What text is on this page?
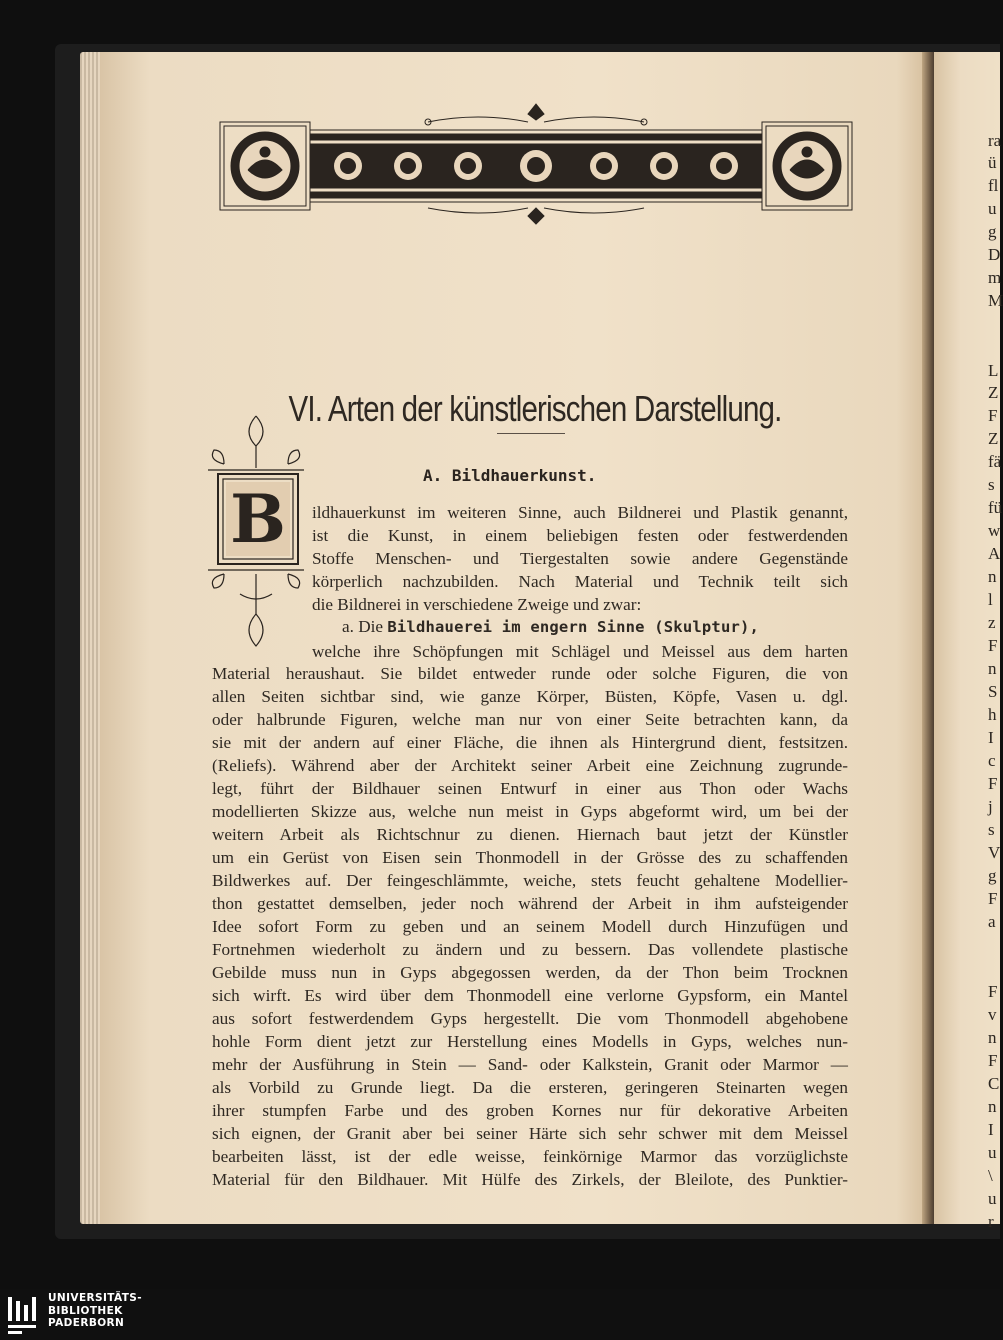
ra
ü
fl
u
g
D
m
M
L
Z
F
Z
fä
s
fü
w
A
n
l
z
F
n
S
h
I
c
F
j
s
V
g
F
a
F
v
n
F
C
n
I
u
\
u
r
VI. Arten der künstlerischen Darstellung.
A. Bildhauerkunst.
B ildhauerkunst im weiteren Sinne, auch Bildnerei und Plastik genannt,
ist die Kunst, in einem beliebigen festen oder festwerdenden
Stoffe Menschen- und Tiergestalten sowie andere Gegenstände
körperlich nachzubilden. Nach Material und Technik teilt sich
die Bildnerei in verschiedene Zweige und zwar:
a. Die Bildhauerei im engern Sinne (Skulptur),
welche ihre Schöpfungen mit Schlägel und Meissel aus dem harten
Material heraushaut. Sie bildet entweder runde oder solche Figuren, die von
allen Seiten sichtbar sind, wie ganze Körper, Büsten, Köpfe, Vasen u. dgl.
oder halbrunde Figuren, welche man nur von einer Seite betrachten kann, da
sie mit der andern auf einer Fläche, die ihnen als Hintergrund dient, festsitzen.
(Reliefs). Während aber der Architekt seiner Arbeit eine Zeichnung zugrunde-
legt, führt der Bildhauer seinen Entwurf in einer aus Thon oder Wachs
modellierten Skizze aus, welche nun meist in Gyps abgeformt wird, um bei der
weitern Arbeit als Richtschnur zu dienen. Hiernach baut jetzt der Künstler
um ein Gerüst von Eisen sein Thonmodell in der Grösse des zu schaffenden
Bildwerkes auf. Der feingeschlämmte, weiche, stets feucht gehaltene Modellier-
thon gestattet demselben, jeder noch während der Arbeit in ihm aufsteigender
Idee sofort Form zu geben und an seinem Modell durch Hinzufügen und
Fortnehmen wiederholt zu ändern und zu bessern. Das vollendete plastische
Gebilde muss nun in Gyps abgegossen werden, da der Thon beim Trocknen
sich wirft. Es wird über dem Thonmodell eine verlorne Gypsform, ein Mantel
aus sofort festwerdendem Gyps hergestellt. Die vom Thonmodell abgehobene
hohle Form dient jetzt zur Herstellung eines Modells in Gyps, welches nun-
mehr der Ausführung in Stein — Sand- oder Kalkstein, Granit oder Marmor —
als Vorbild zu Grunde liegt. Da die ersteren, geringeren Steinarten wegen
ihrer stumpfen Farbe und des groben Kornes nur für dekorative Arbeiten
sich eignen, der Granit aber bei seiner Härte sich sehr schwer mit dem Meissel
bearbeiten lässt, ist der edle weisse, feinkörnige Marmor das vorzüglichste
Material für den Bildhauer. Mit Hülfe des Zirkels, der Bleilote, des Punktier-
UNIVERSITÄTS-
BIBLIOTHEK
PADERBORN
